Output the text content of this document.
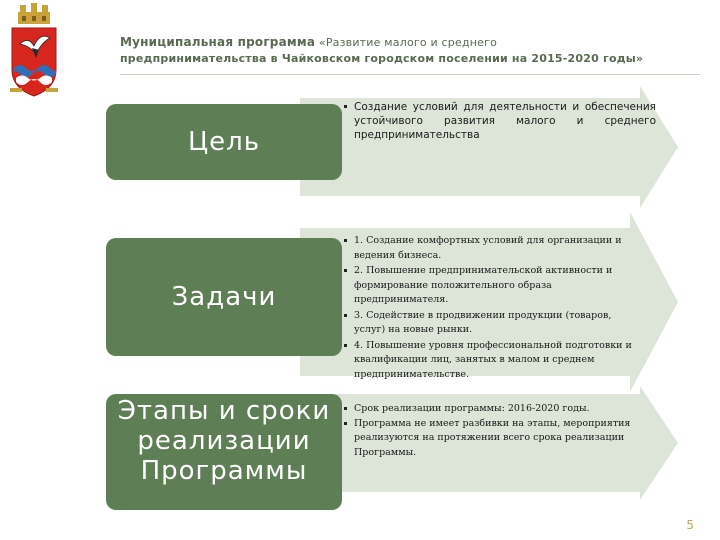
Муниципальная программа «Развитие малого и среднего
предпринимательства в Чайковском городском поселении на 2015-2020 годы»
Цель
Создание условий для деятельности и обеспечения устойчивого развития малого и среднего предпринимательства
Задачи
1. Создание комфортных условий для организации и ведения бизнеса.
2. Повышение предпринимательской активности и формирование положительного образа предпринимателя.
3. Содействие в продвижении продукции (товаров, услуг) на новые рынки.
4. Повышение уровня профессиональной подготовки и квалификации лиц, занятых в малом и среднем предпринимательстве.
Этапы и сроки реализации Программы
Срок реализации программы: 2016-2020 годы.
Программа не имеет разбивки на этапы, мероприятия реализуются на протяжении всего срока реализации Программы.
5
